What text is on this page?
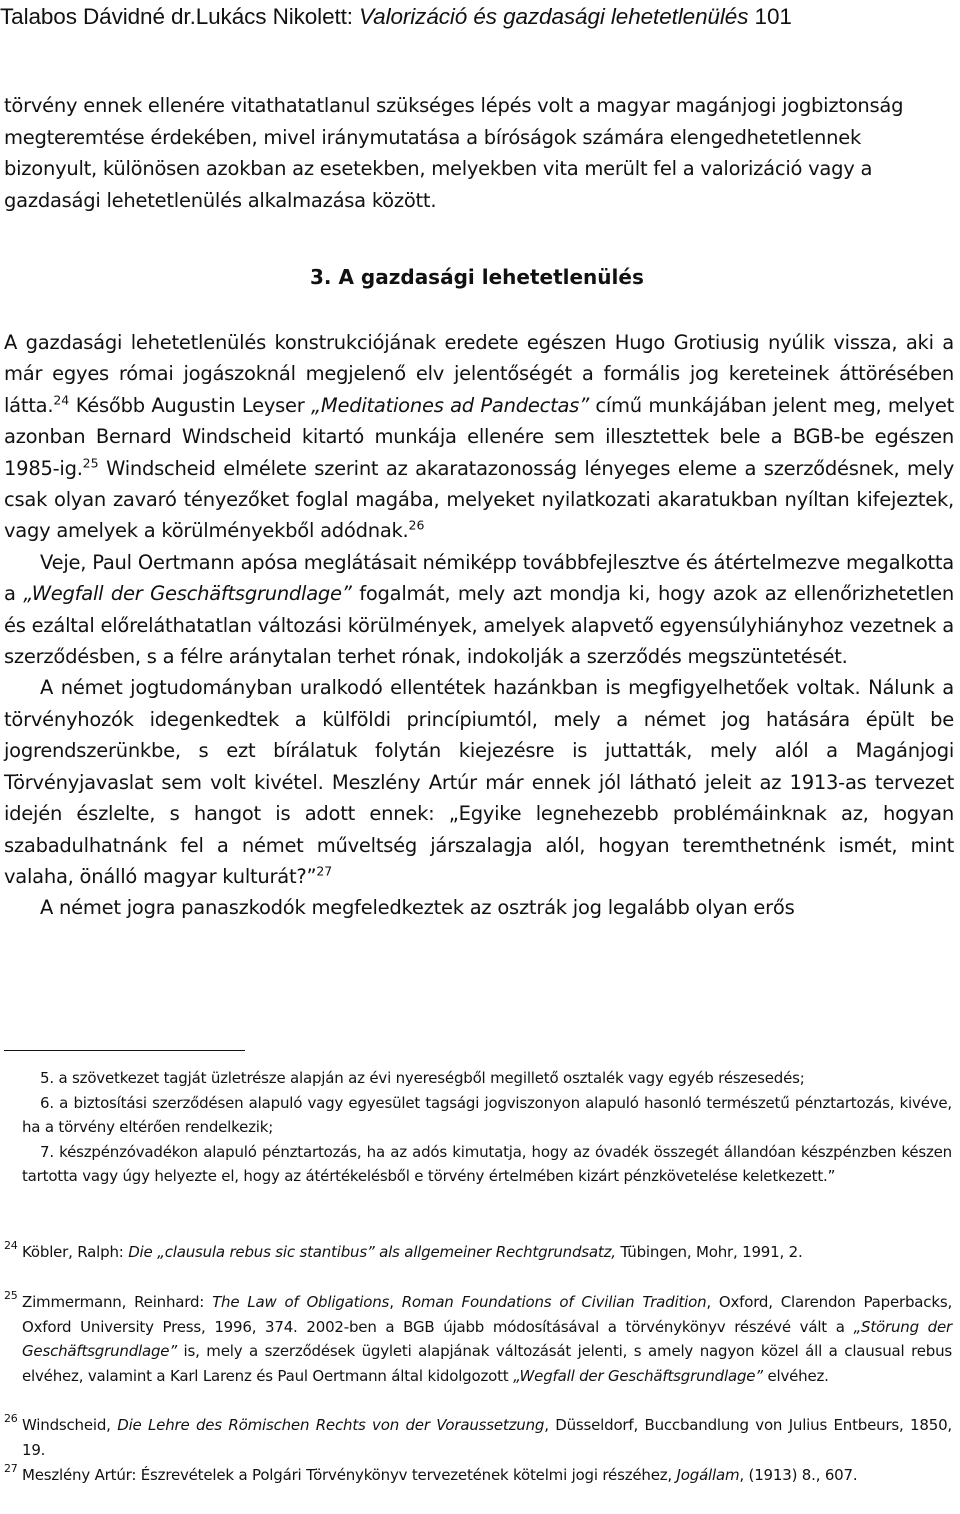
Talabos Dávidné dr.Lukács Nikolett: Valorizáció és gazdasági lehetetlenülés 101
törvény ennek ellenére vitathatatlanul szükséges lépés volt a magyar magánjogi jogbiztonság megteremtése érdekében, mivel iránymutatása a bíróságok számára elengedhetetlennek bizonyult, különösen azokban az esetekben, melyekben vita merült fel a valorizáció vagy a gazdasági lehetetlenülés alkalmazása között.
3. A gazdasági lehetetlenülés

A gazdasági lehetetlenülés konstrukciójának eredete egészen Hugo Grotiusig nyúlik vissza, aki a már egyes római jogászoknál megjelenő elv jelentőségét a formális jog kereteinek áttörésében látta.$^{24}$ Később Augustin Leyser „Meditationes ad Pandectas” című munkájában jelent meg, melyet azonban Bernard Windscheid kitartó munkája ellenére sem illesztettek bele a BGB-be egészen 1985-ig.$^{25}$ Windscheid elmélete szerint az akaratazonosság lényeges eleme a szerződésnek, mely csak olyan zavaró tényezőket foglal magába, melyeket nyilatkozati akaratukban nyíltan kifejeztek, vagy amelyek a körülményekből adódnak.$^{26}$

Veje, Paul Oertmann apósa meglátásait némiképp továbbfejlesztve és átértelmezve megalkotta a „Wegfall der Geschäftsgrundlage” fogalmát, mely azt mondja ki, hogy azok az ellenőrizhetetlen és ezáltal előreláthatatlan változási körülmények, amelyek alapvető egyensúlyhiányhoz vezetnek a szerződésben, s a félre aránytalan terhet rónak, indokolják a szerződés megszüntetését.

A német jogtudományban uralkodó ellentétek hazánkban is megfigyelhetőek voltak. Nálunk a törvényhozók idegenkedtek a külföldi princípiumtól, mely a német jog hatására épült be jogrendszerünkbe, s ezt bírálatuk folytán kiejezésre is juttatták, mely alól a Magánjogi Törvényjavaslat sem volt kivétel. Meszlény Artúr már ennek jól látható jeleit az 1913-as tervezet idején észlelte, s hangot is adott ennek: „Egyike legnehezebb problémáinknak az, hogyan szabadulhatnánk fel a német műveltség járszalagja alól, hogyan teremthetnénk ismét, mint valaha, önálló magyar kulturát?”$^{27}$

A német jogra panaszkodók megfeledkeztek az osztrák jog legalább olyan erős

5. a szövetkezet tagját üzletrésze alapján az évi nyereségből megillető osztalék vagy egyéb részesedés;

6. a biztosítási szerződésen alapuló vagy egyesület tagsági jogviszonyon alapuló hasonló természetű pénztartozás, kivéve, ha a törvény eltérően rendelkezik;

7. készpénzóvadékon alapuló pénztartozás, ha az adós kimutatja, hogy az óvadék összegét állandóan készpénzben készen tartotta vagy úgy helyezte el, hogy az átértékelésből e törvény értelmében kizárt pénzkövetelése keletkezett.”

24 Köbler, Ralph: Die „clausula rebus sic stantibus” als allgemeiner Rechtgrundsatz, Tübingen, Mohr, 1991, 2.
25 Zimmermann, Reinhard: The Law of Obligations, Roman Foundations of Civilian Tradition, Oxford, Clarendon Paperbacks, Oxford University Press, 1996, 374. 2002-ben a BGB újabb módosításával a törvénykönyv részévé vált a „Störung der Geschäftsgrundlage” is, mely a szerződések ügyleti alapjának változását jelenti, s amely nagyon közel áll a clausual rebus elvéhez, valamint a Karl Larenz és Paul Oertmann által kidolgozott „Wegfall der Geschäftsgrundlage” elvéhez.
26 Windscheid, Die Lehre des Römischen Rechts von der Voraussetzung, Düsseldorf, Buccbandlung von Julius Entbeurs, 1850, 19.
27 Meszlény Artúr: Észrevételek a Polgári Törvénykönyv tervezetének kötelmi jogi részéhez, Jogállam, (1913) 8., 607.
